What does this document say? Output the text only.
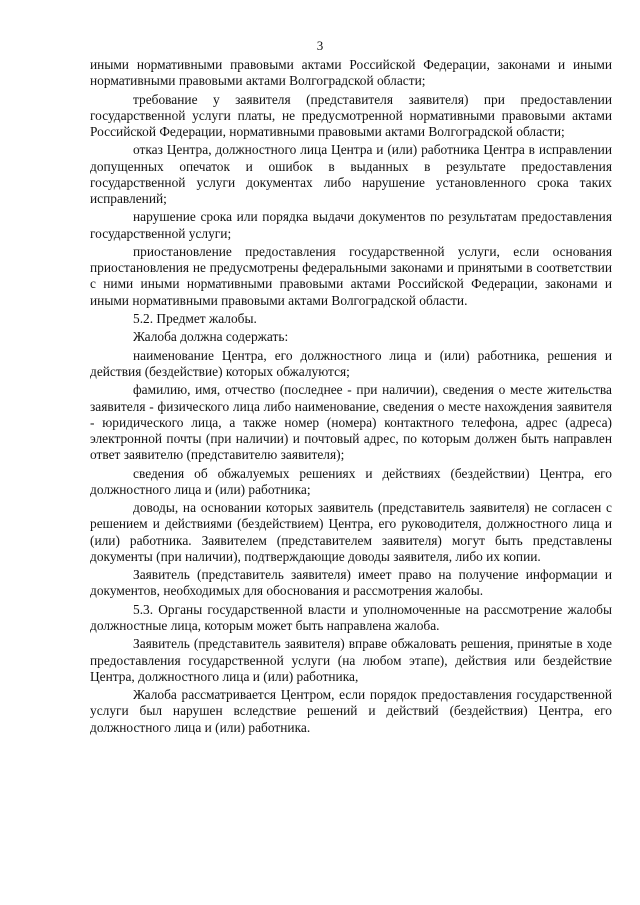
3

иными нормативными правовыми актами Российской Федерации, законами и иными нормативными правовыми актами Волгоградской области;

требование у заявителя (представителя заявителя) при предоставлении государственной услуги платы, не предусмотренной нормативными правовыми актами Российской Федерации, нормативными правовыми актами Волгоградской области;

отказ Центра, должностного лица Центра и (или) работника Центра в исправлении допущенных опечаток и ошибок в выданных в результате предоставления государственной услуги документах либо нарушение установленного срока таких исправлений;

нарушение срока или порядка выдачи документов по результатам предоставления государственной услуги;

приостановление предоставления государственной услуги, если основания приостановления не предусмотрены федеральными законами и принятыми в соответствии с ними иными нормативными правовыми актами Российской Федерации, законами и иными нормативными правовыми актами Волгоградской области.

5.2. Предмет жалобы.

Жалоба должна содержать:

наименование Центра, его должностного лица и (или) работника, решения и действия (бездействие) которых обжалуются;

фамилию, имя, отчество (последнее - при наличии), сведения о месте жительства заявителя - физического лица либо наименование, сведения о месте нахождения заявителя - юридического лица, а также номер (номера) контактного телефона, адрес (адреса) электронной почты (при наличии) и почтовый адрес, по которым должен быть направлен ответ заявителю (представителю заявителя);

сведения об обжалуемых решениях и действиях (бездействии) Центра, его должностного лица и (или) работника;

доводы, на основании которых заявитель (представитель заявителя) не согласен с решением и действиями (бездействием) Центра, его руководителя, должностного лица и (или) работника. Заявителем (представителем заявителя) могут быть представлены документы (при наличии), подтверждающие доводы заявителя, либо их копии.

Заявитель (представитель заявителя) имеет право на получение информации и документов, необходимых для обоснования и рассмотрения жалобы.

5.3. Органы государственной власти и уполномоченные на рассмотрение жалобы должностные лица, которым может быть направлена жалоба.

Заявитель (представитель заявителя) вправе обжаловать решения, принятые в ходе предоставления государственной услуги (на любом этапе), действия или бездействие Центра, должностного лица и (или) работника,

Жалоба рассматривается Центром, если порядок предоставления государственной услуги был нарушен вследствие решений и действий (бездействия) Центра, его должностного лица и (или) работника.
